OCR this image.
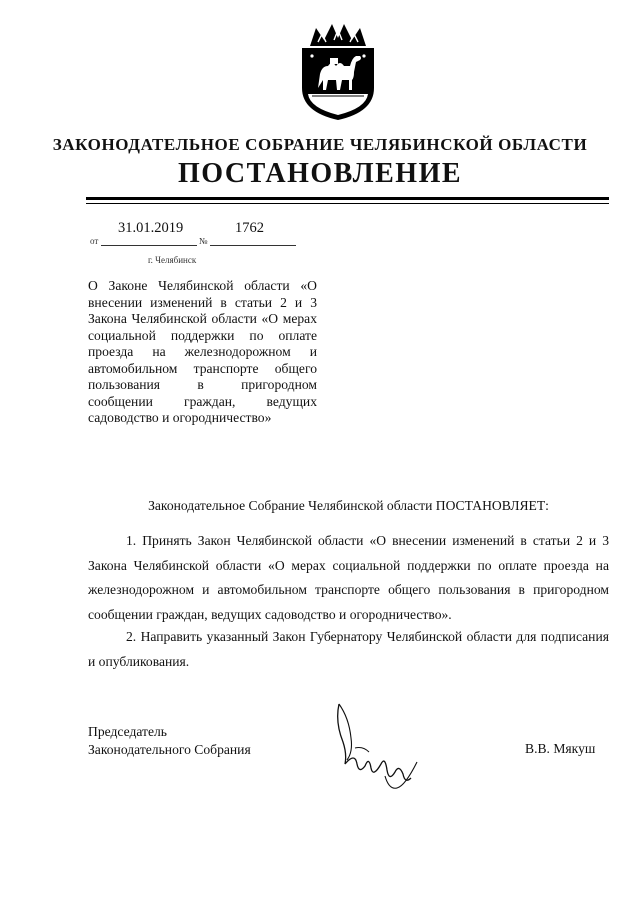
ЗАКОНОДАТЕЛЬНОЕ СОБРАНИЕ ЧЕЛЯБИНСКОЙ ОБЛАСТИ
ПОСТАНОВЛЕНИЕ
31.01.2019	1762
от	№
г. Челябинск
О Законе Челябинской области «О внесении изменений в статьи 2 и 3 Закона Челябинской области «О мерах социальной поддержки по оплате проезда на железнодорожном и автомобильном транспорте общего пользования в пригородном сообщении граждан, ведущих садоводство и огородничество»
Законодательное Собрание Челябинской области ПОСТАНОВЛЯЕТ:
1. Принять Закон Челябинской области «О внесении изменений в статьи 2 и 3 Закона Челябинской области «О мерах социальной поддержки по оплате проезда на железнодорожном и автомобильном транспорте общего пользования в пригородном сообщении граждан, ведущих садоводство и огородничество».
2. Направить указанный Закон Губернатору Челябинской области для подписания и опубликования.
Председатель
Законодательного Собрания	В.В. Мякуш
